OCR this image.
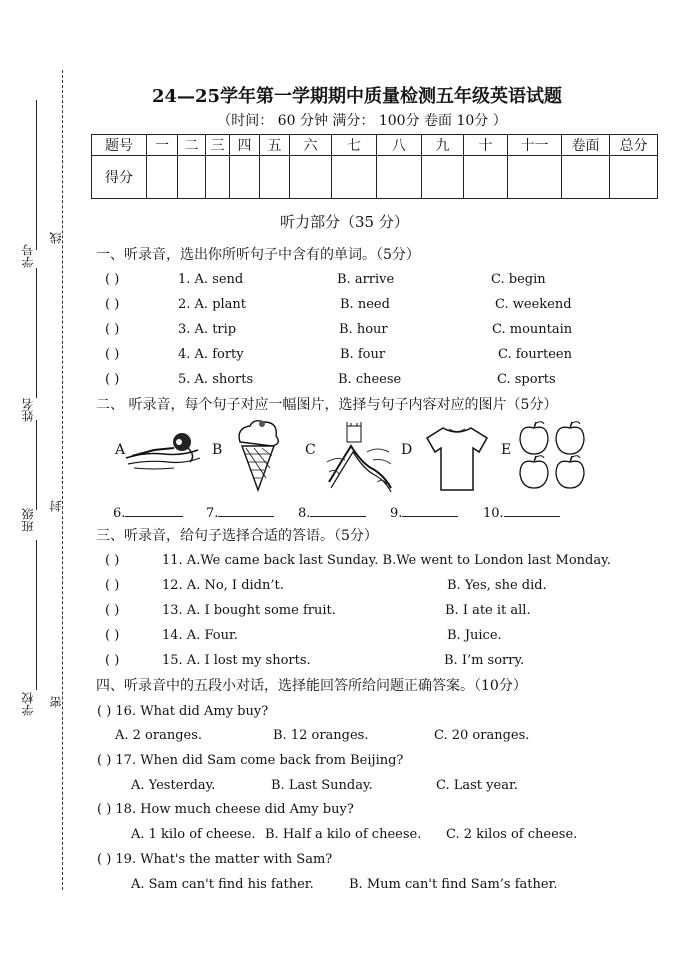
学号
姓名
班级
学校
线
封
密
24—25学年第一学期期中质量检测五年级英语试题
（时间： 60 分钟 满分： 100分 卷面 10分 ）
题号	一	二	三	四	五	六	七	八	九	十	十一	卷面	总分
得分													
听力部分（35 分）
一、听录音，选出你所听句子中含有的单词。（5分）
( )	1. A. send	B. arrive	C. begin
( )	2. A. plant	B. need	C. weekend
( )	3. A. trip	B. hour	C. mountain
( )	4. A. forty	B. four	C. fourteen
( )	5. A. shorts	B. cheese	C. sports
二、 听录音，每个句子对应一幅图片，选择与句子内容对应的图片（5分）
A	B	C	D	E
6.	7.	8.	9.	10.
三、听录音，给句子选择合适的答语。（5分）
( )	11. A.We came back last Sunday. B.We went to London last Monday.
( )	12. A. No, I didn’t.	B. Yes, she did.
( )	13. A. I bought some fruit.	B. I ate it all.
( )	14. A. Four.	B. Juice.
( )	15. A. I lost my shorts.	B. I’m sorry.
四、听录音中的五段小对话，选择能回答所给问题正确答案。（10分）
( ) 16. What did Amy buy?
A. 2 oranges.	B. 12 oranges.	C. 20 oranges.
( ) 17. When did Sam come back from Beijing?
A. Yesterday.	B. Last Sunday.	C. Last year.
( ) 18. How much cheese did Amy buy?
A. 1 kilo of cheese. B. Half a kilo of cheese. C. 2 kilos of cheese.
( ) 19. What's the matter with Sam?
A. Sam can't find his father.	B. Mum can't find Sam’s father.
